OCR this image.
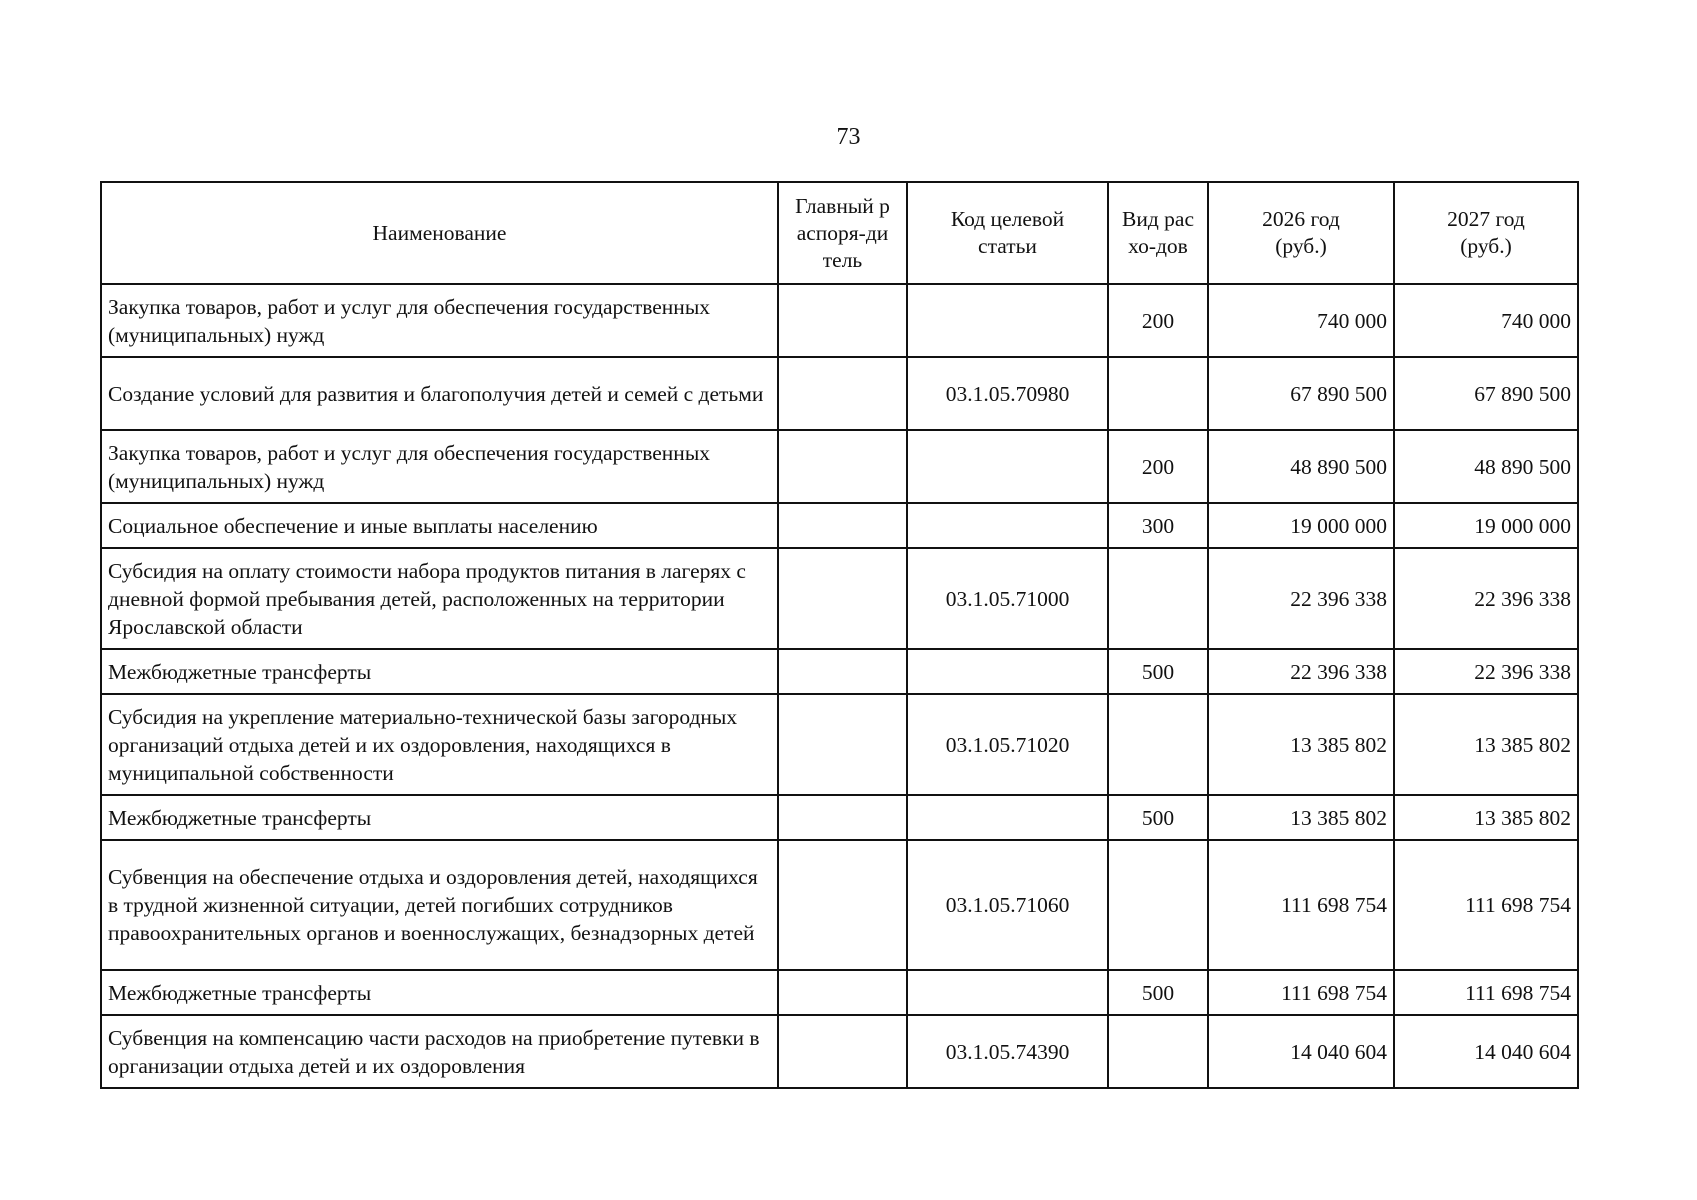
73
Наименование	Главный распоря-дитель	Код целевой статьи	Вид расхо-дов	2026 год (руб.)	2027 год (руб.)
Закупка товаров, работ и услуг для обеспечения государственных (муниципальных) нужд			200	740 000	740 000
Создание условий для развития и благополучия детей и семей с детьми		03.1.05.70980		67 890 500	67 890 500
Закупка товаров, работ и услуг для обеспечения государственных (муниципальных) нужд			200	48 890 500	48 890 500
Социальное обеспечение и иные выплаты населению			300	19 000 000	19 000 000
Субсидия на оплату стоимости набора продуктов питания в лагерях с дневной формой пребывания детей, расположенных на территории Ярославской области		03.1.05.71000		22 396 338	22 396 338
Межбюджетные трансферты			500	22 396 338	22 396 338
Субсидия на укрепление материально-технической базы загородных организаций отдыха детей и их оздоровления, находящихся в муниципальной собственности		03.1.05.71020		13 385 802	13 385 802
Межбюджетные трансферты			500	13 385 802	13 385 802
Субвенция на обеспечение отдыха и оздоровления детей, находящихся в трудной жизненной ситуации, детей погибших сотрудников правоохранительных органов и военнослужащих, безнадзорных детей		03.1.05.71060		111 698 754	111 698 754
Межбюджетные трансферты			500	111 698 754	111 698 754
Субвенция на компенсацию части расходов на приобретение путевки в организации отдыха детей и их оздоровления		03.1.05.74390		14 040 604	14 040 604
